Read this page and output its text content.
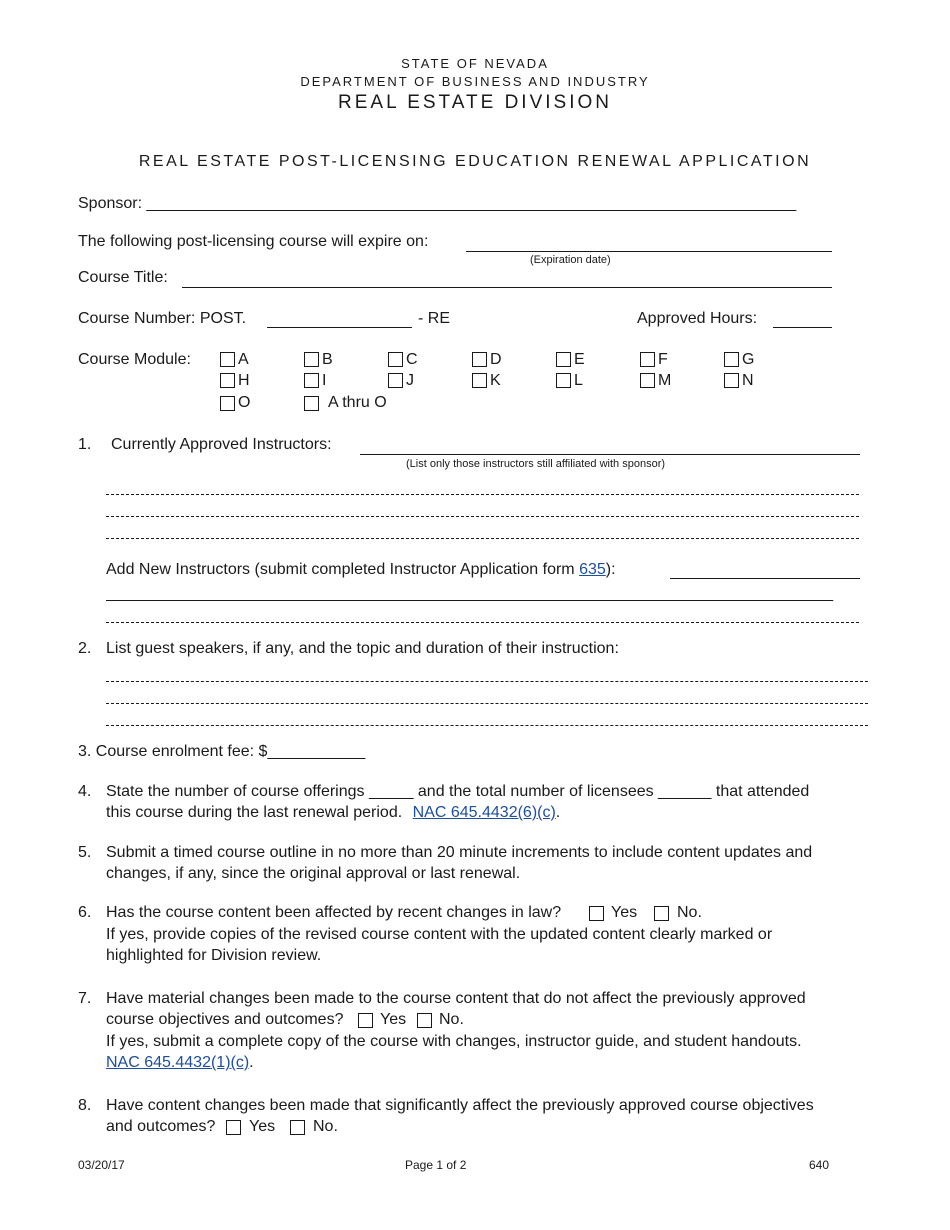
STATE OF NEVADA
DEPARTMENT OF BUSINESS AND INDUSTRY
REAL ESTATE DIVISION
REAL ESTATE POST-LICENSING EDUCATION RENEWAL APPLICATION
Sponsor: _________________________________________________________________________
The following post-licensing course will expire on:
(Expiration date)
Course Title:
Course Number: POST.	- RE	Approved Hours:
Course Module:	A	B	C	D	E	F	G
H	I	J	K	L	M	N
O	A thru O
1. Currently Approved Instructors:
(List only those instructors still affiliated with sponsor)
Add New Instructors (submit completed Instructor Application form 635):
___________________
2. List guest speakers, if any, and the topic and duration of their instruction:
3. Course enrolment fee: $___________
4. State the number of course offerings _____ and the total number of licensees ______ that attended
this course during the last renewal period. NAC 645.4432(6)(c).
5. Submit a timed course outline in no more than 20 minute increments to include content updates and
changes, if any, since the original approval or last renewal.
6. Has the course content been affected by recent changes in law?	Yes No.
If yes, provide copies of the revised course content with the updated content clearly marked or
highlighted for Division review.
7. Have material changes been made to the course content that do not affect the previously approved
course objectives and outcomes? Yes No.
If yes, submit a complete copy of the course with changes, instructor guide, and student handouts.
NAC 645.4432(1)(c).
8. Have content changes been made that significantly affect the previously approved course objectives
and outcomes? Yes No.
03/20/17	Page 1 of 2	640
